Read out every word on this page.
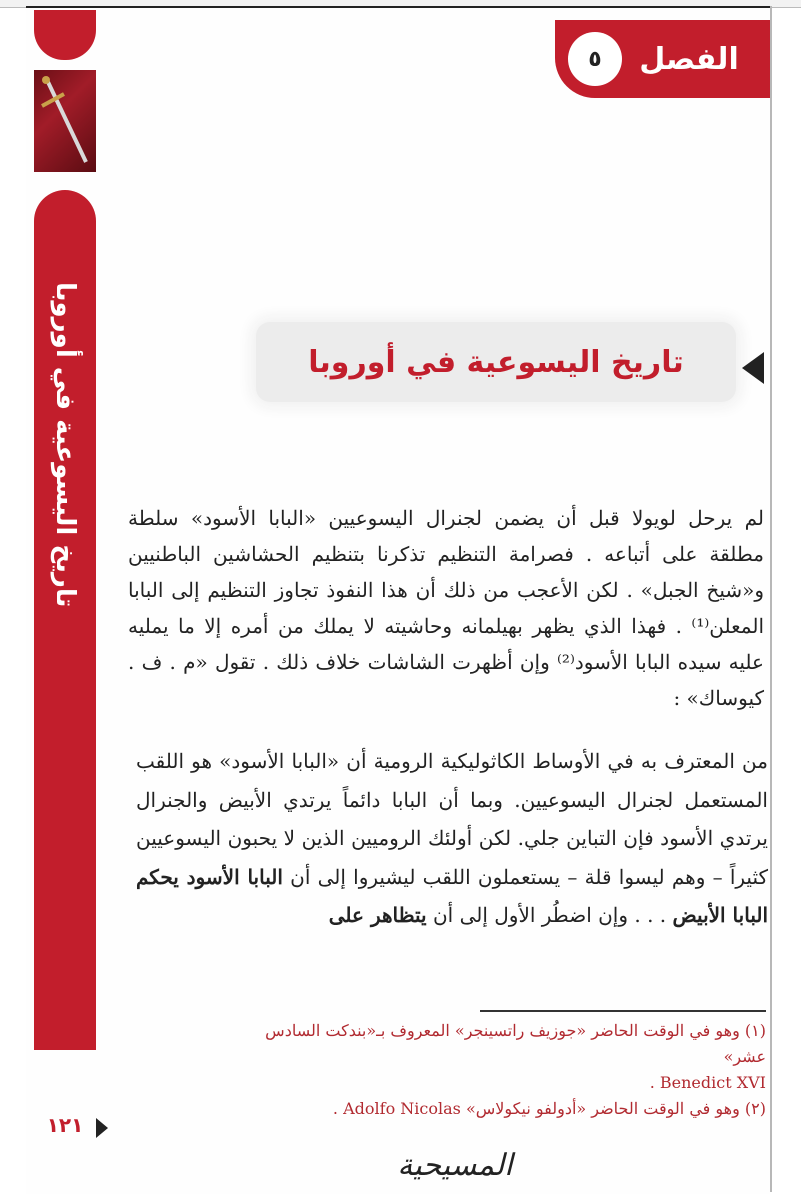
تاريخ اليسوعية في أوروبا
١٢١
الفصل
٥
تاريخ اليسوعية في أوروبا

لم يرحل لويولا قبل أن يضمن لجنرال اليسوعيين «البابا الأسود» سلطة مطلقة على أتباعه . فصرامة التنظيم تذكرنا بتنظيم الحشاشين الباطنيين و«شيخ الجبل» . لكن الأعجب من ذلك أن هذا النفوذ تجاوز التنظيم إلى البابا المعلن⁽¹⁾ . فهذا الذي يظهر بهيلمانه وحاشيته لا يملك من أمره إلا ما يمليه عليه سيده البابا الأسود⁽²⁾ وإن أظهرت الشاشات خلاف ذلك . تقول «م . ف . كيوساك» :

من المعترف به في الأوساط الكاثوليكية الرومية أن «البابا الأسود» هو اللقب المستعمل لجنرال اليسوعيين. وبما أن البابا دائماً يرتدي الأبيض والجنرال يرتدي الأسود فإن التباين جلي. لكن أولئك الروميين الذين لا يحبون اليسوعيين كثيراً – وهم ليسوا قلة – يستعملون اللقب ليشيروا إلى أن البابا الأسود يحكم البابا الأبيض . . . وإن اضطُر الأول إلى أن يتظاهر على
(١) وهو في الوقت الحاضر «جوزيف راتسينجر» المعروف بـ«بندكت السادس عشر»
Benedict XVI .
(٢) وهو في الوقت الحاضر «أدولفو نيكولاس» Adolfo Nicolas .
المسيحية
